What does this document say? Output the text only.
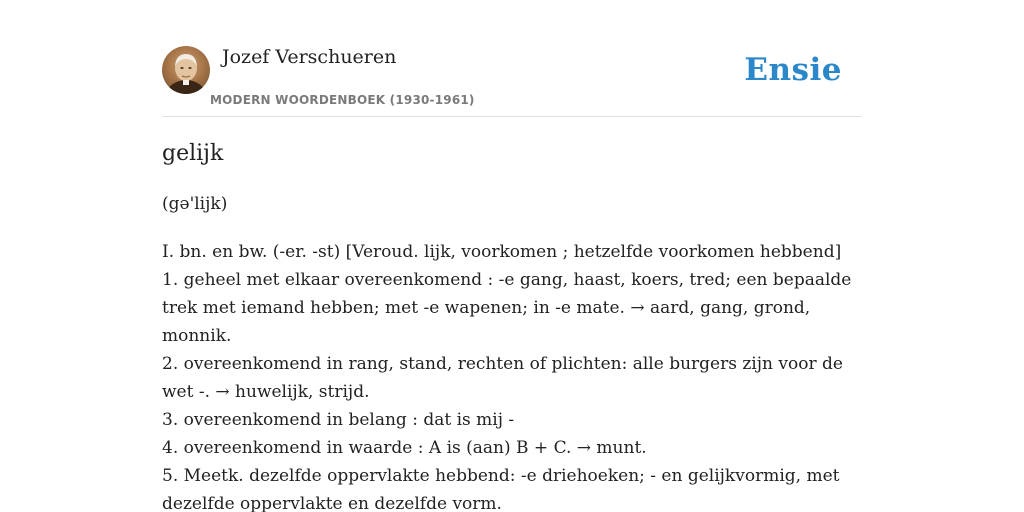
Jozef Verschueren
MODERN WOORDENBOEK (1930-1961)
Ensie
gelijk
(gə'lijk)
I. bn. en bw. (-er. -st) [Veroud. lijk, voorkomen ; hetzelfde voorkomen hebbend]
1. geheel met elkaar overeenkomend : -e gang, haast, koers, tred; een bepaalde trek met iemand hebben; met -e wapenen; in -e mate. → aard, gang, grond, monnik.
2. overeenkomend in rang, stand, rechten of plichten: alle burgers zijn voor de wet -. → huwelijk, strijd.
3. overeenkomend in belang : dat is mij -
4. overeenkomend in waarde : A is (aan) B + C. → munt.
5. Meetk. dezelfde oppervlakte hebbend: -e driehoeken; - en gelijkvormig, met dezelfde oppervlakte en dezelfde vorm.
